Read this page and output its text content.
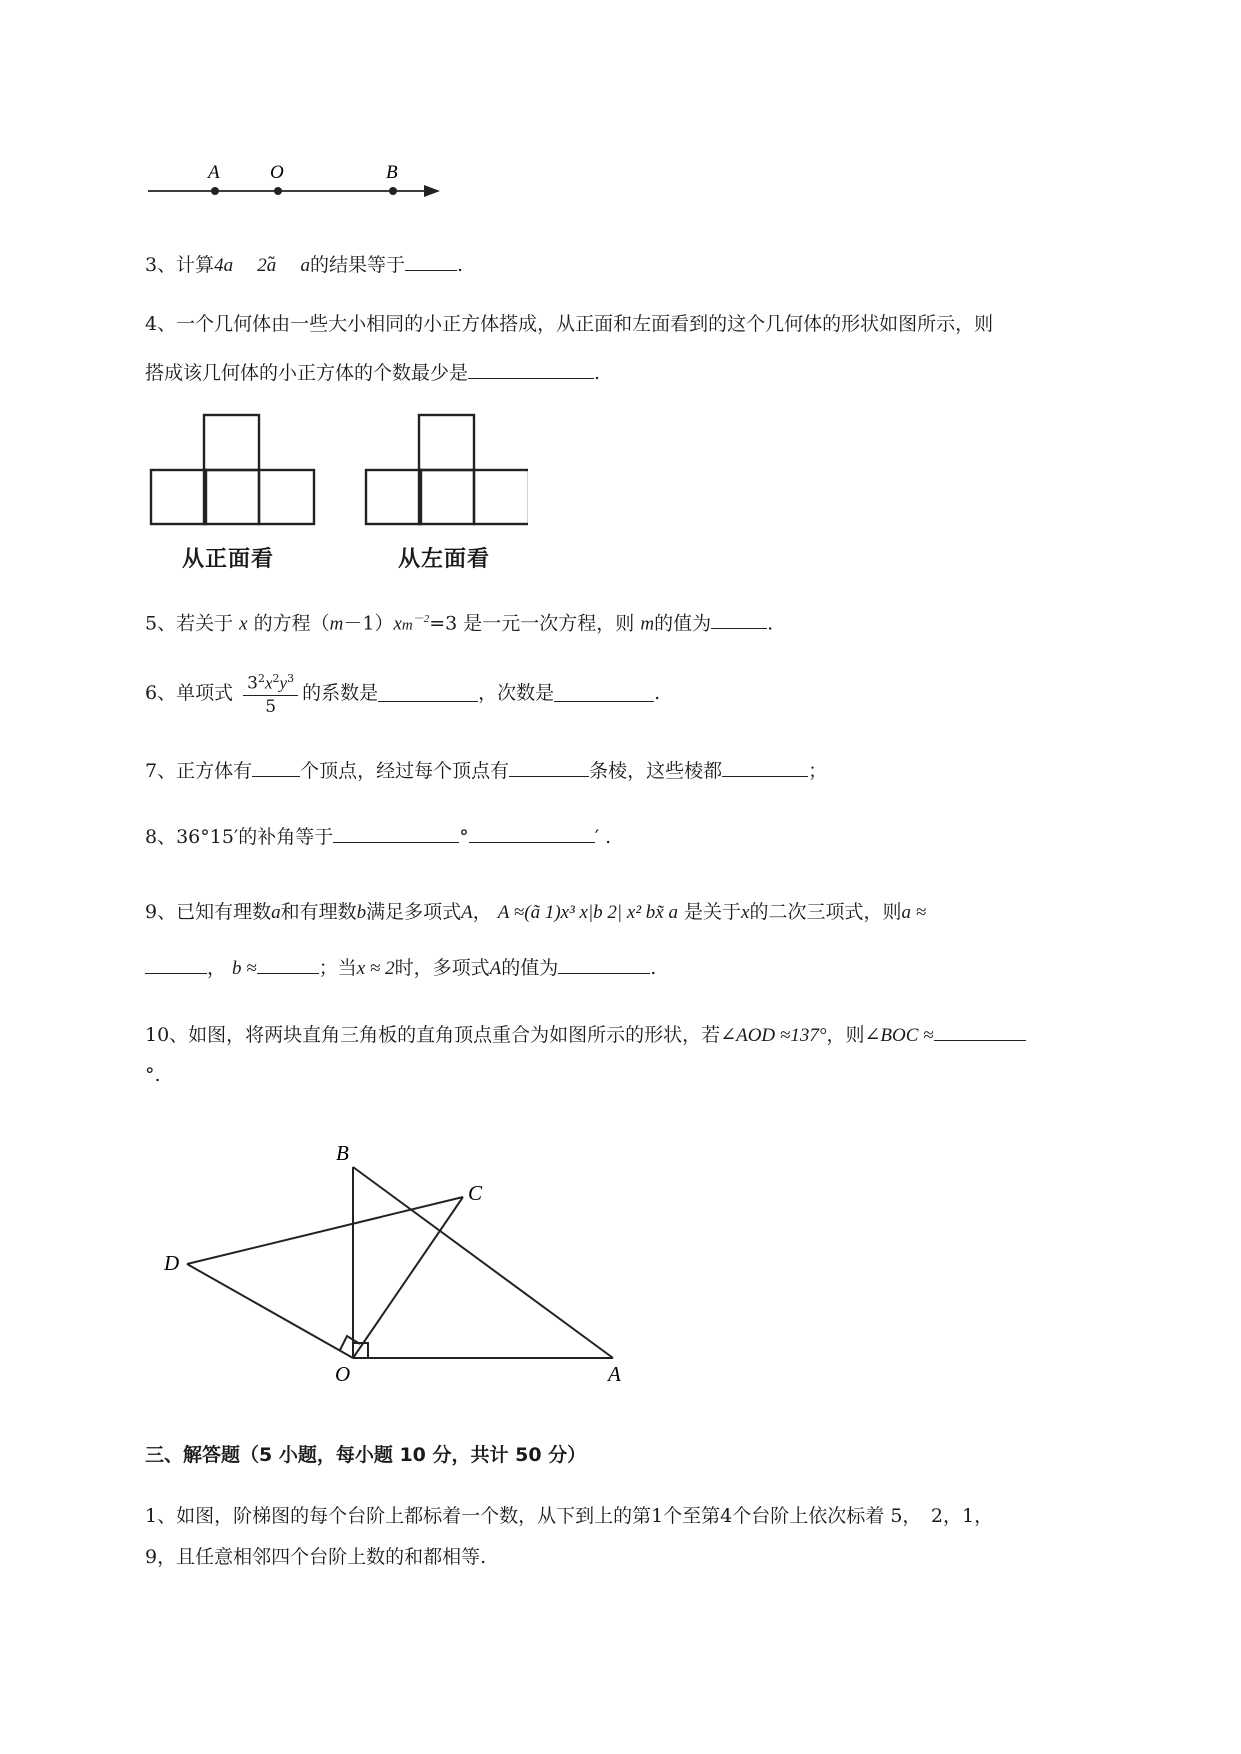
A	O	B
3、计算4a 2ã    a的结果等于	.
4、一个几何体由一些大小相同的小正方体搭成，从正面和左面看到的这个几何体的形状如图所示，则
搭成该几何体的小正方体的个数最少是	.
从正面看	从左面看
5、若关于 x 的方程$(m-1)xm^{-2}=3$ 是一元一次方程，则 m的值为	.
6、单项式 $\frac{3^2x^2y^3}{5}$ 的系数是	，次数是	.
7、正方体有	个顶点，经过每个顶点有	条棱，这些棱都	；
8、36°15′的补角等于	°	′ .
9、已知有理数a和有理数b满足多项式A， A ≈(ã 1)x³ x|b 2| x² bx̃ a 是关于x的二次三项式，则a ≈
， b ≈	；当x ≈ 2时，多项式A的值为	.
10、如图，将两块直角三角板的直角顶点重合为如图所示的形状，若∠AOD ≈137°，则∠BOC ≈
°.
B
C
D
O	A
三、解答题（5 小题，每小题 10 分，共计 50 分）
1、如图，阶梯图的每个台阶上都标着一个数，从下到上的第1个至第4个台阶上依次标着 5，　2，1，
9，且任意相邻四个台阶上数的和都相等.
